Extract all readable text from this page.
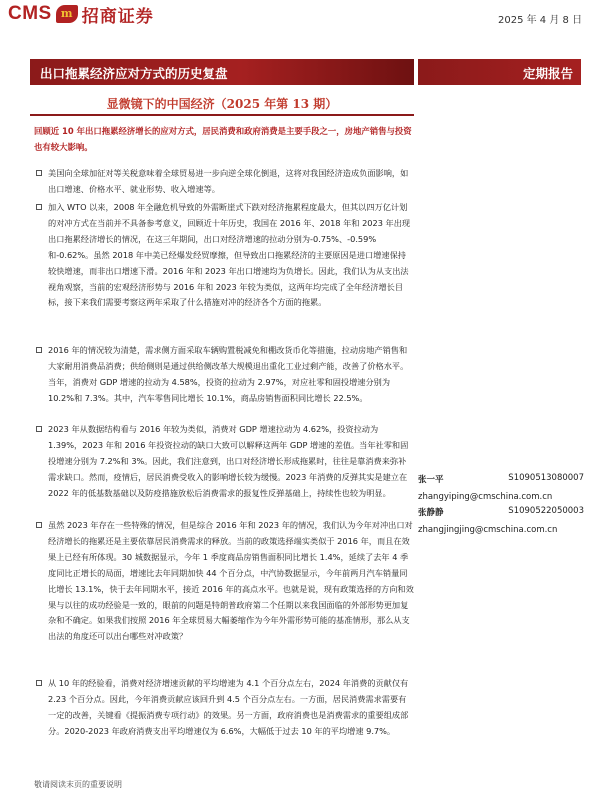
CMS m 招商证券	2025 年 4 月 8 日
出口拖累经济应对方式的历史复盘	定期报告
显微镜下的中国经济（2025 年第 13 期）
回顾近 10 年出口拖累经济增长的应对方式，居民消费和政府消费是主要手段之一，房地产销售与投资也有较大影响。
美国向全球加征对等关税意味着全球贸易进一步向逆全球化倒退，这将对我国经济造成负面影响，如出口增速、价格水平、就业形势、收入增速等。
加入 WTO 以来，2008 年全融危机导致的外需断崖式下跌对经济拖累程度最大，但其以四万亿计划的对冲方式在当前并不具备参考意义，回顾近十年历史，我国在 2016 年、2018 年和 2023 年出现出口拖累经济增长的情况，在这三年期间，出口对经济增速的拉动分别为-0.75%、-0.59%和-0.62%。虽然 2018 年中美已经爆发经贸摩擦，但导致出口拖累经济的主要原因是进口增速保持较快增速，而非出口增速下滑。2016 年和 2023 年出口增速均为负增长。因此，我们认为从支出法视角观察，当前的宏观经济形势与 2016 年和 2023 年较为类似，这两年均完成了全年经济增长目标，接下来我们需要考察这两年采取了什么措施对冲的经济各个方面的拖累。
2016 年的情况较为清楚，需求侧方面采取车辆购置税减免和棚改货币化等措施，拉动房地产销售和大家耐用消费品消费；供给侧则是通过供给侧改革大规模退出重化工业过剩产能，改善了价格水平。当年，消费对 GDP 增速的拉动为 4.58%，投资的拉动为 2.97%，对应社零和固投增速分别为 10.2%和 7.3%。其中，汽车零售同比增长 10.1%，商品房销售面积同比增长 22.5%。
2023 年从数据结构看与 2016 年较为类似，消费对 GDP 增速拉动为 4.62%，投资拉动为 1.39%，2023 年和 2016 年投资拉动的缺口大致可以解释这两年 GDP 增速的差值。当年社零和固投增速分别为 7.2%和 3%。因此，我们注意到，出口对经济增长形成拖累时，往往是靠消费来弥补需求缺口。然而，疫情后，居民消费受收入的影响增长较为缓慢。2023 年消费的反弹其实是建立在 2022 年的低基数基础以及防疫措施放松后消费需求的报复性反弹基础上，持续性也较为明显。
虽然 2023 年存在一些特殊的情况，但是综合 2016 年和 2023 年的情况，我们认为今年对冲出口对经济增长的拖累还是主要依靠居民消费需求的释放。当前的政策选择端实类似于 2016 年，而且在效果上已经有所体现。30 城数据显示，今年 1 季度商品房销售面积同比增长 1.4%，延续了去年 4 季度同比正增长的局面，增速比去年同期加快 44 个百分点，中汽协数据显示，今年前两月汽车销量同比增长 13.1%，快于去年同期水平，接近 2016 年的高点水平。也就是说，现有政策选择的方向和效果与以往的成功经验是一致的，眼前的问题是特朗普政府第二个任期以来我国面临的外部形势更加复杂和不确定。如果我们按照 2016 年全球贸易大幅萎缩作为今年外需形势可能的基准情形，那么从支出法的角度还可以出台哪些对冲政策？
从 10 年的经验看，消费对经济增速贡献的平均增速为 4.1 个百分点左右，2024 年消费的贡献仅有 2.23 个百分点。因此，今年消费贡献应该回升到 4.5 个百分点左右。一方面，居民消费需求需要有一定的改善，关键看《提振消费专项行动》的效果。另一方面，政府消费也是消费需求的重要组成部分。2020-2023 年政府消费支出平均增速仅为 6.6%，大幅低于过去 10 年的平均增速 9.7%。
张一平	S1090513080007
zhangyiping@cmschina.com.cn
张静静	S1090522050003
zhangjingjing@cmschina.com.cn
敬请阅读末页的重要说明
